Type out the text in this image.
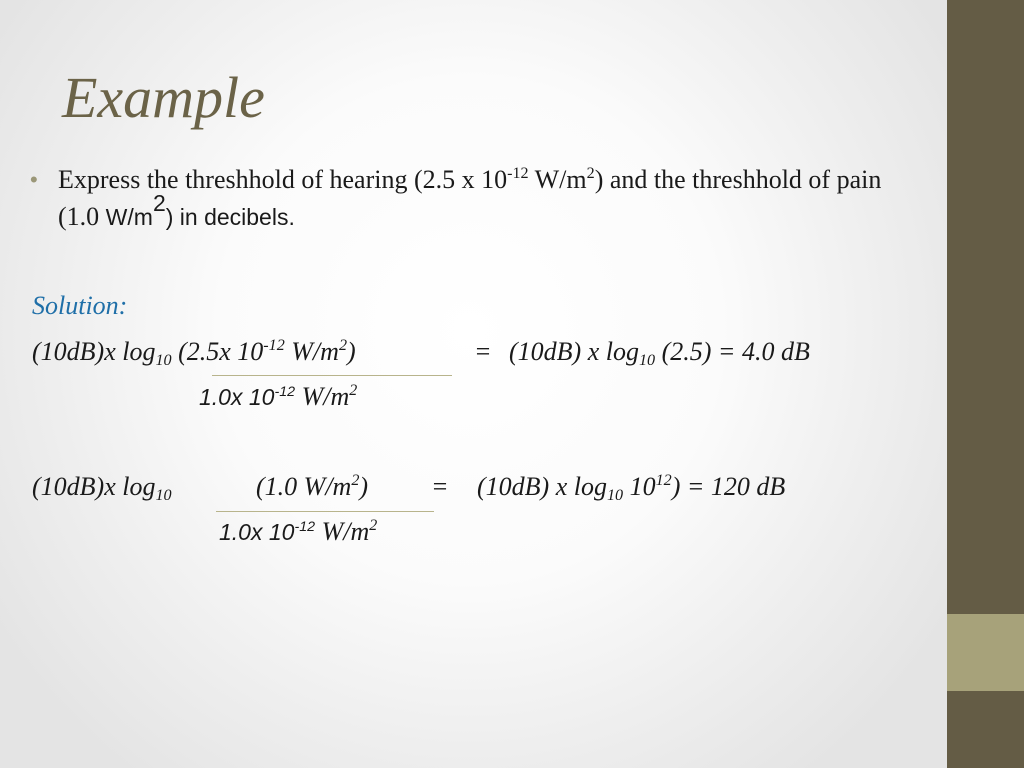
Example
• Express the threshhold of hearing (2.5 x $10^{-12}$ $W/m^2$) and the threshhold of pain (1.0 $W/m^2$) in decibels.
Solution:
(10dB)x $\log_{10} (2.5x$ $10^{-12}$ $W/m^2$)	= (10dB) x $\log_{10} (2.5) = 4.0$ dB
1.0x $10^{-12}$ $W/m^2$
(10dB)x $\log_{10}$	(1.0 $W/m^2) = (10dB)$ x $\log_{10} 10^{12}) = 120$ dB
1.0x $10^{-12}$ $W/m^2$
